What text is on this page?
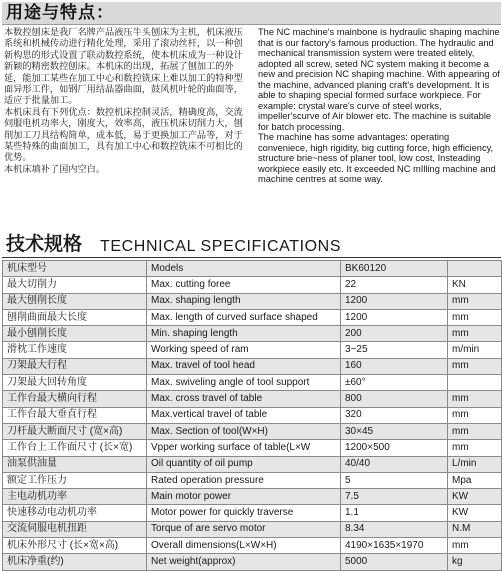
用途与特点：

本数控刨床是我厂名牌产品液压牛头刨床为主机，机床液压系统和机械传动进行精化处理，采用了滚动丝杆，以一种创新构思的形式设置了联动数控系统，使本机床成为一种设计新颖的精密数控刨床。本机床的出现，拓展了刨加工的外延，能加工某些在加工中心和数控铣床上难以加工的特种型面异形工件，如钢厂用结晶器曲面，鼓风机叶轮的曲面等，适应于批量加工。

本机床具有下列优点：数控机床控制灵活，精确度高，交流伺服电机功率大，刚度大，效率高，液压机床切削力大，刨削加工刀具结构简单，成本低，易于更换加工产品等，对于某些特殊的曲面加工，具有加工中心和数控铣床不可相比的优势。

本机床填补了国内空白。

The NC machine's mainbone is hydraulic shaping machine that is our factory's famous production. The hydraulic and mechanical transmission system were treated elitely, adopted all screw, seted NC system making it become a new and precision NC shaping machine. With appearing of the machine, advanced planing craft's development. It is able to shaping special formed surface workpiece. For example: crystal ware's curve of steel works, impeller'scurve of Air blower etc. The machine is suitable for batch processing.

The machine has some advantages: operating conveniece, high rigidity, big cutting force, high efficiency, structure brie~ness of planer tool, low cost, Insteading workpiece easily etc. It exceeded NC mIlling machine and machine centres at some way.

技术规格 TECHNICAL SPECIFICATIONS
机床型号	Models	BK60120	
最大切削力	Max. cutting foree	22	KN
最大刨削长度	Max. shaping length	1200	mm
刨削曲面最大长度	Max. length of curved surface shaped	1200	mm
最小刨削长度	Min. shaping length	200	mm
滑枕工作速度	Working speed of ram	3~25	m/min
刀架最大行程	Max. travel of tool head	160	mm
刀架最大回转角度	Max. swiveling angle of tool support	±60°	
工作台最大横向行程	Max. cross travel of table	800	mm
工作台最大垂直行程	Max.vertical travel of table	320	mm
刀杆最大断面尺寸 (宽×高)	Max. Section of tool(W×H)	30×45	mm
工作台上工作面尺寸 (长×宽)	Vpper working surface of table(L×W	1200×500	mm
油泵供油量	Oil quantity of oil pump	40/40	L/min
额定工作压力	Rated operation pressure	5	Mpa
主电动机功率	Main motor power	7.5	KW
快速移动电动机功率	Motor power for quickly traverse	1.1	KW
交流伺服电机扭距	Torque of are servo motor	8.34	N.M
机床外形尺寸 (长×宽×高)	Overall dimensions(L×W×H)	4190×1635×1970	mm
机床净重(约)	Net weight(approx)	5000	kg
